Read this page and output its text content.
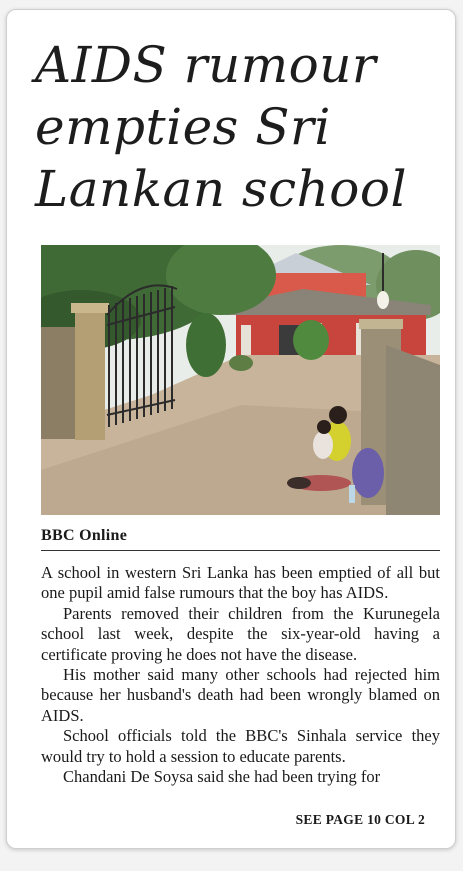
AIDS rumour empties Sri Lankan school
BBC Online

A school in western Sri Lanka has been emptied of all but one pupil amid false rumours that the boy has AIDS.

Parents removed their children from the Kurunegela school last week, despite the six-year-old having a certificate proving he does not have the disease.

His mother said many other schools had rejected him because her husband's death had been wrongly blamed on AIDS.

School officials told the BBC's Sinhala service they would try to hold a session to educate parents.

Chandani De Soysa said she had been trying for

SEE PAGE 10 COL 2
